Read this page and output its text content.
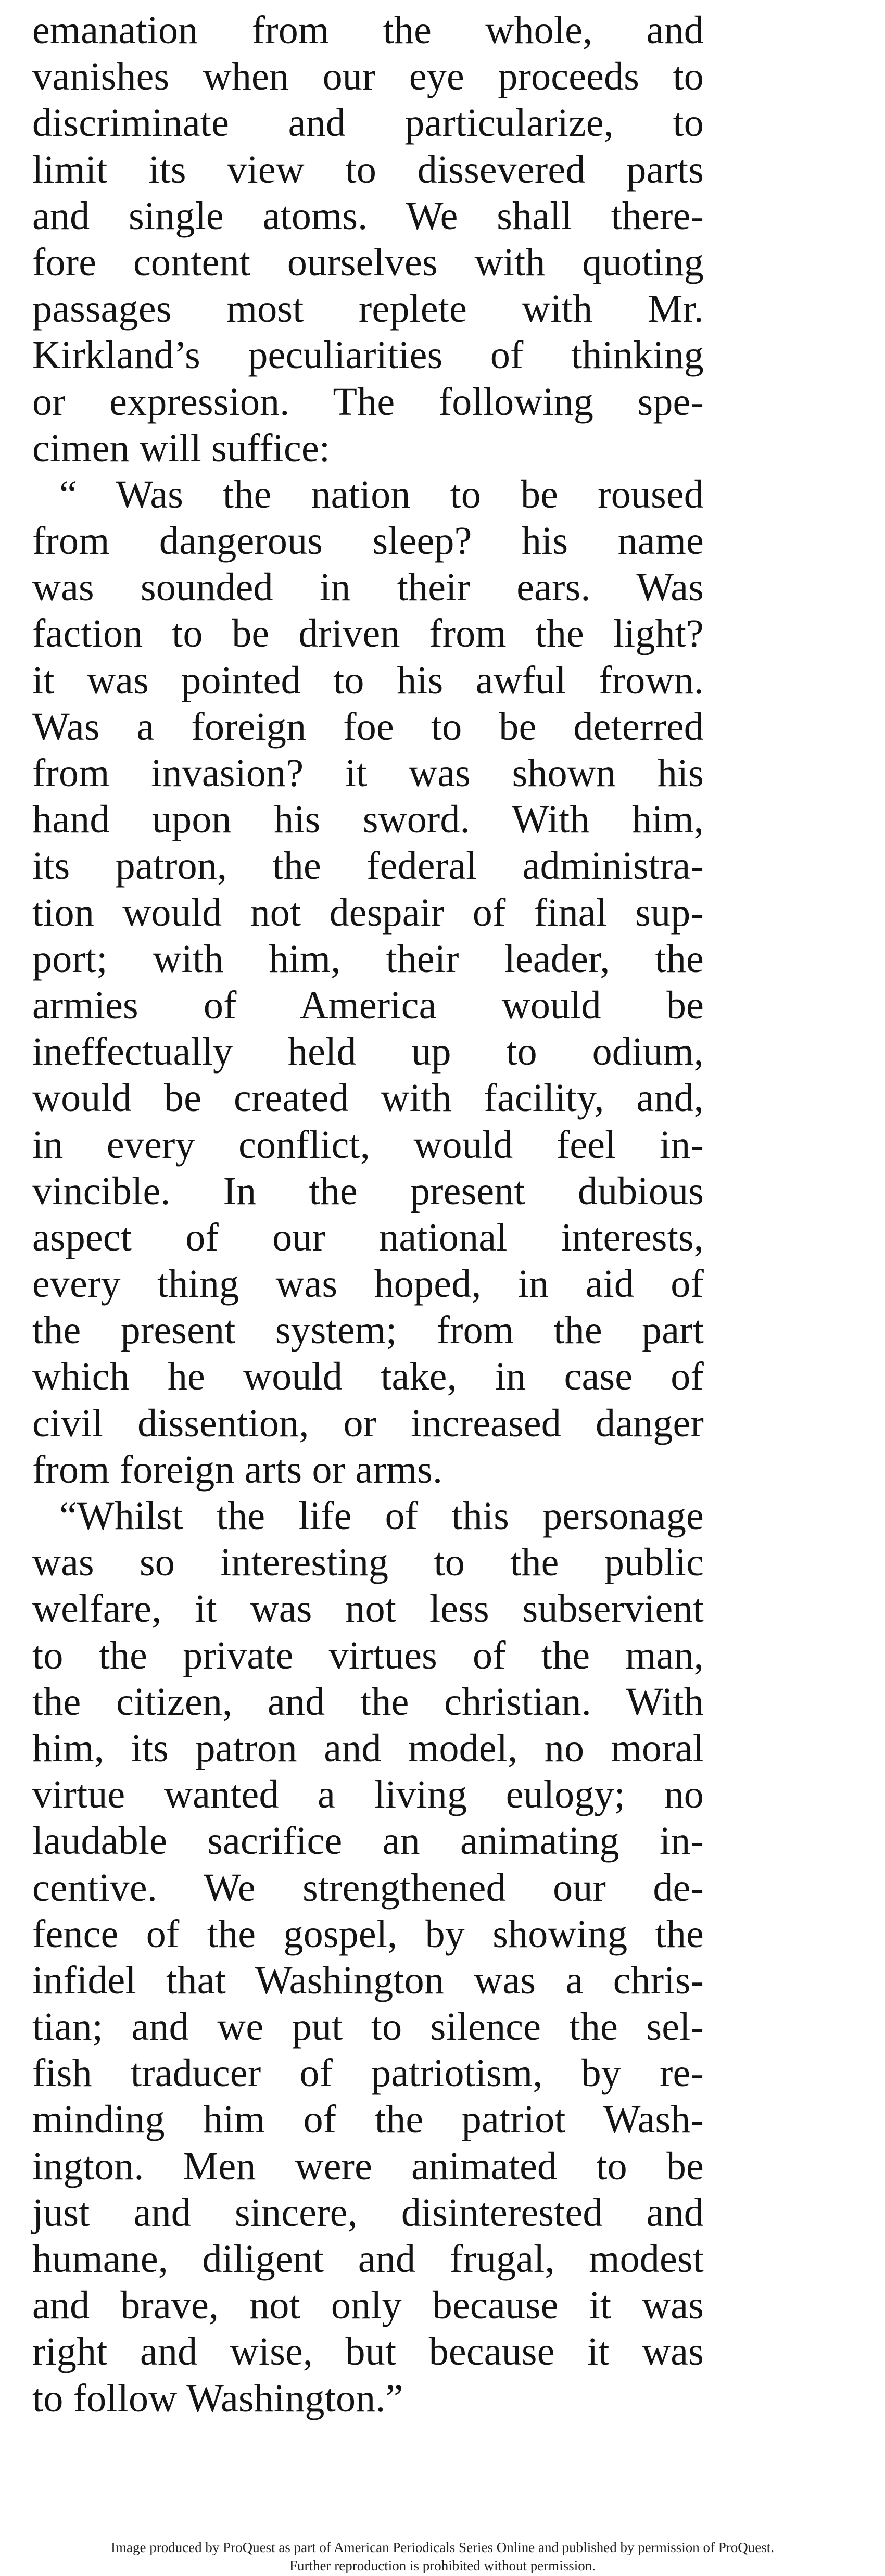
emanation from the whole, and
vanishes when our eye proceeds to
discriminate and particularize, to
limit its view to dissevered parts
and single atoms. We shall there-
fore content ourselves with quoting
passages most replete with Mr.
Kirkland’s peculiarities of thinking
or expression. The following spe-
cimen will suffice:
“ Was the nation to be roused
from dangerous sleep? his name
was sounded in their ears. Was
faction to be driven from the light?
it was pointed to his awful frown.
Was a foreign foe to be deterred
from invasion? it was shown his
hand upon his sword. With him,
its patron, the federal administra-
tion would not despair of final sup-
port; with him, their leader, the
armies of America would be
ineffectually held up to odium,
would be created with facility, and,
in every conflict, would feel in-
vincible. In the present dubious
aspect of our national interests,
every thing was hoped, in aid of
the present system; from the part
which he would take, in case of
civil dissention, or increased danger
from foreign arts or arms.
“Whilst the life of this personage
was so interesting to the public
welfare, it was not less subservient
to the private virtues of the man,
the citizen, and the christian. With
him, its patron and model, no moral
virtue wanted a living eulogy; no
laudable sacrifice an animating in-
centive. We strengthened our de-
fence of the gospel, by showing the
infidel that Washington was a chris-
tian; and we put to silence the sel-
fish traducer of patriotism, by re-
minding him of the patriot Wash-
ington. Men were animated to be
just and sincere, disinterested and
humane, diligent and frugal, modest
and brave, not only because it was
right and wise, but because it was
to follow Washington.”
Image produced by ProQuest as part of American Periodicals Series Online and published by permission of ProQuest.
Further reproduction is prohibited without permission.
